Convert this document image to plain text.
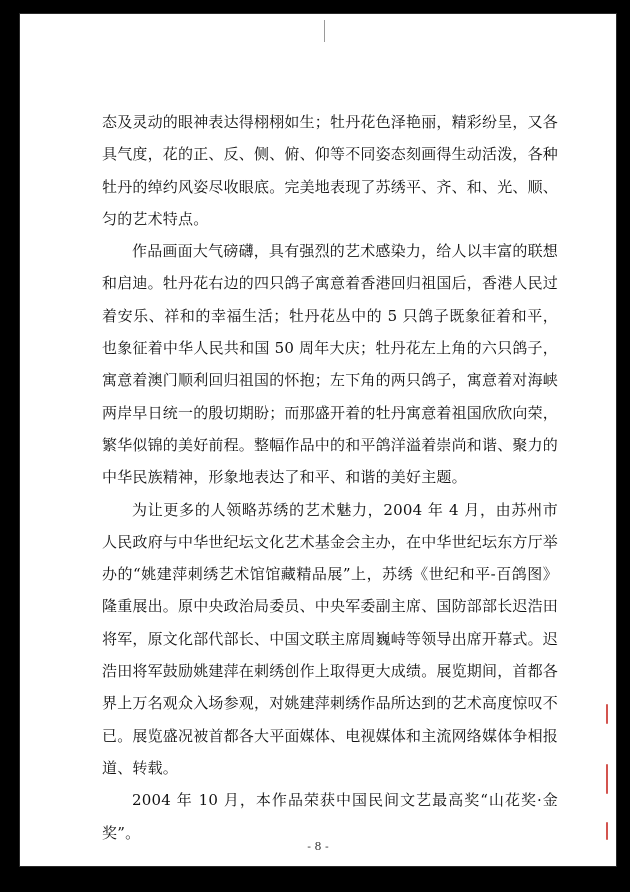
态及灵动的眼神表达得栩栩如生；牡丹花色泽艳丽，精彩纷呈，又各具气度，花的正、反、侧、俯、仰等不同姿态刻画得生动活泼，各种牡丹的绰约风姿尽收眼底。完美地表现了苏绣平、齐、和、光、顺、匀的艺术特点。

作品画面大气磅礴，具有强烈的艺术感染力，给人以丰富的联想和启迪。牡丹花右边的四只鸽子寓意着香港回归祖国后，香港人民过着安乐、祥和的幸福生活；牡丹花丛中的 5 只鸽子既象征着和平，也象征着中华人民共和国 50 周年大庆；牡丹花左上角的六只鸽子，寓意着澳门顺利回归祖国的怀抱；左下角的两只鸽子，寓意着对海峡两岸早日统一的殷切期盼；而那盛开着的牡丹寓意着祖国欣欣向荣，繁华似锦的美好前程。整幅作品中的和平鸽洋溢着崇尚和谐、聚力的中华民族精神，形象地表达了和平、和谐的美好主题。

为让更多的人领略苏绣的艺术魅力，2004 年 4 月，由苏州市人民政府与中华世纪坛文化艺术基金会主办，在中华世纪坛东方厅举办的“姚建萍刺绣艺术馆馆藏精品展”上，苏绣《世纪和平-百鸽图》隆重展出。原中央政治局委员、中央军委副主席、国防部部长迟浩田将军，原文化部代部长、中国文联主席周巍峙等领导出席开幕式。迟浩田将军鼓励姚建萍在刺绣创作上取得更大成绩。展览期间，首都各界上万名观众入场参观，对姚建萍刺绣作品所达到的艺术高度惊叹不已。展览盛况被首都各大平面媒体、电视媒体和主流网络媒体争相报道、转载。

2004 年 10 月，本作品荣获中国民间文艺最高奖“山花奖·金奖”。

- 8 -
